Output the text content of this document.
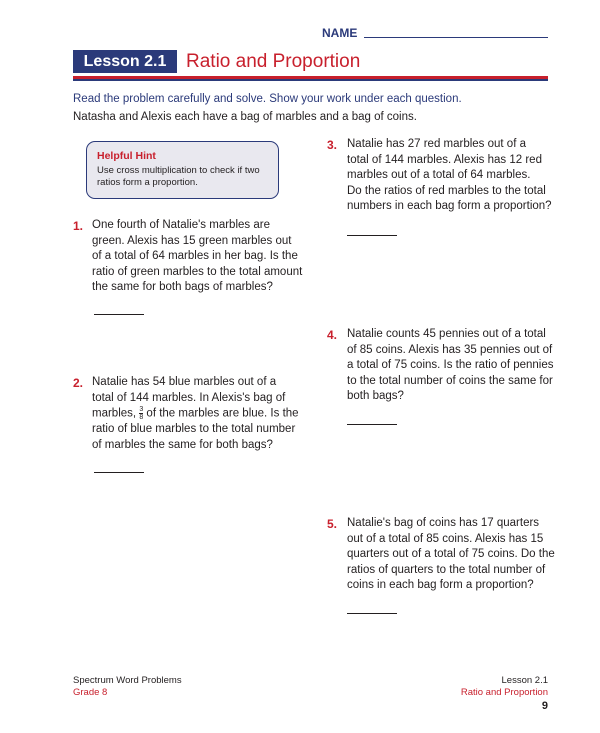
NAME
Lesson 2.1	Ratio and Proportion
Read the problem carefully and solve. Show your work under each question.
Natasha and Alexis each have a bag of marbles and a bag of coins.
Helpful Hint
Use cross multiplication to check if two
ratios form a proportion.
1. One fourth of Natalie's marbles are
green. Alexis has 15 green marbles out
of a total of 64 marbles in her bag. Is the
ratio of green marbles to the total amount
the same for both bags of marbles?
2. Natalie has 54 blue marbles out of a
total of 144 marbles. In Alexis's bag of
marbles, $\frac{3}{8}$ of the marbles are blue. Is the
ratio of blue marbles to the total number
of marbles the same for both bags?
3. Natalie has 27 red marbles out of a
total of 144 marbles. Alexis has 12 red
marbles out of a total of 64 marbles.
Do the ratios of red marbles to the total
numbers in each bag form a proportion?
4. Natalie counts 45 pennies out of a total
of 85 coins. Alexis has 35 pennies out of
a total of 75 coins. Is the ratio of pennies
to the total number of coins the same for
both bags?
5. Natalie's bag of coins has 17 quarters
out of a total of 85 coins. Alexis has 15
quarters out of a total of 75 coins. Do the
ratios of quarters to the total number of
coins in each bag form a proportion?
Spectrum Word Problems
Grade 8
Lesson 2.1
Ratio and Proportion
9
